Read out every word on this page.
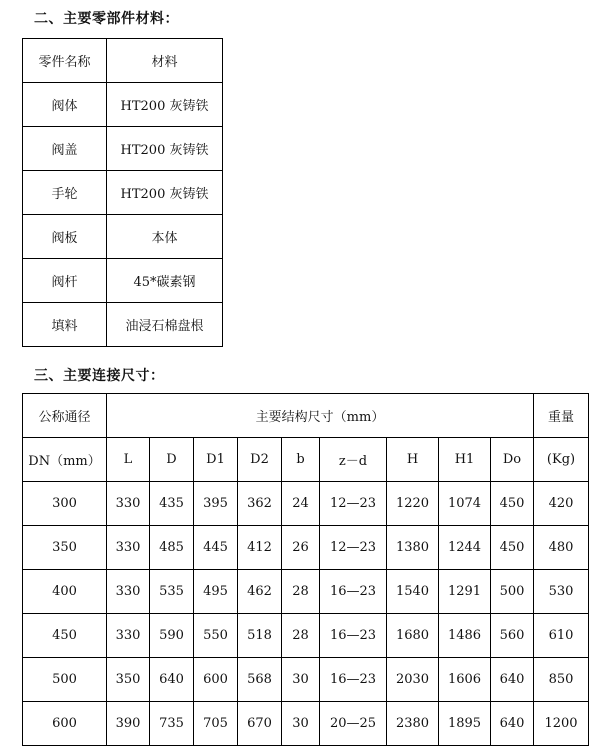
二、主要零部件材料：
零件名称	材料
阀体	HT200 灰铸铁
阀盖	HT200 灰铸铁
手轮	HT200 灰铸铁
阀板	本体
阀杆	45*碳素钢
填料	油浸石棉盘根
三、主要连接尺寸：
公称通径	主要结构尺寸（mm）									重量
DN（mm）	L	D	D1	D2	b	z－d	H	H1	Do	(Kg)
300	330	435	395	362	24	12—23	1220	1074	450	420
350	330	485	445	412	26	12—23	1380	1244	450	480
400	330	535	495	462	28	16—23	1540	1291	500	530
450	330	590	550	518	28	16—23	1680	1486	560	610
500	350	640	600	568	30	16—23	2030	1606	640	850
600	390	735	705	670	30	20—25	2380	1895	640	1200
